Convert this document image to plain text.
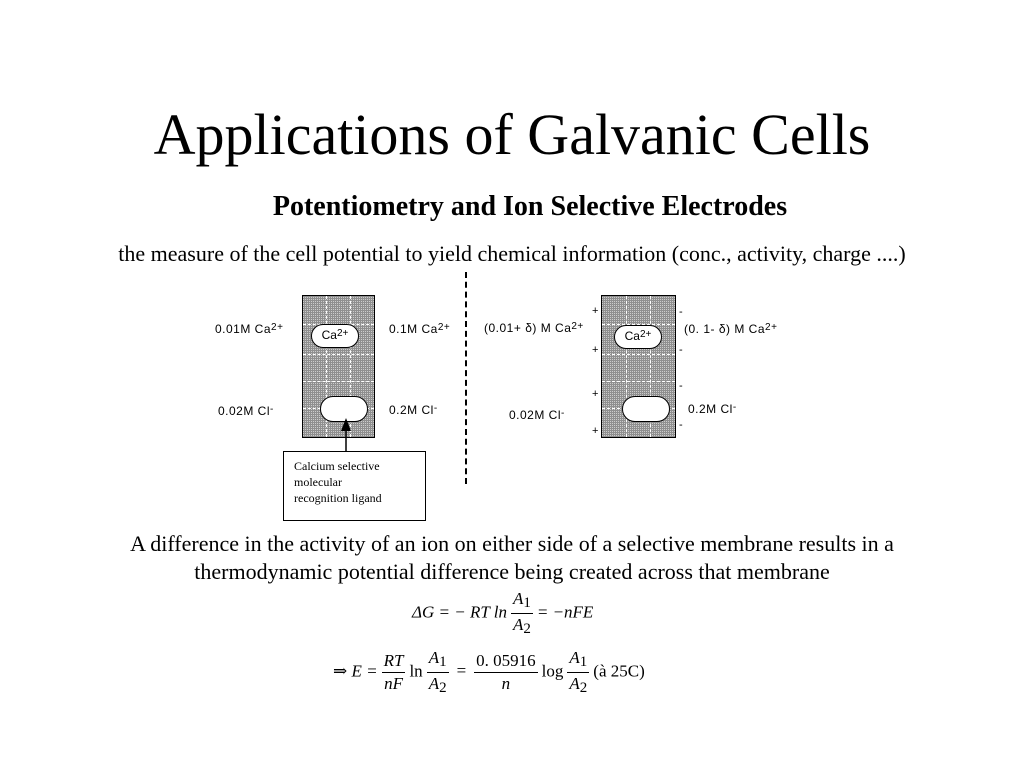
Applications of Galvanic Cells
Potentiometry and Ion Selective Electrodes
the measure of the cell potential to yield chemical information (conc., activity, charge ....)
$Ca^{2+}$
0.01M $Ca^{2+}$
0.02M Cl-
0.1M $Ca^{2+}$
0.2M Cl-
Calcium selective
molecular
recognition ligand
$Ca^{2+}$
+
+
+
+
-
-
-
-
(0.01+ δ) M $Ca^{2+}$
0.02M Cl-
(0. 1- δ) M $Ca^{2+}$
0.2M Cl-
A difference in the activity of an ion on either side of a selective membrane results in a
thermodynamic potential difference being created across that membrane
ΔG = − RT $\ln \frac{A_1}{A_2} = -nFE$
⇒ $E = \frac{RT}{nF}$ $\ln \frac{A_1}{A_2} = \frac{0. 05916}{n}$ $\log \frac{A_1}{A_2}$ (à 25C)
